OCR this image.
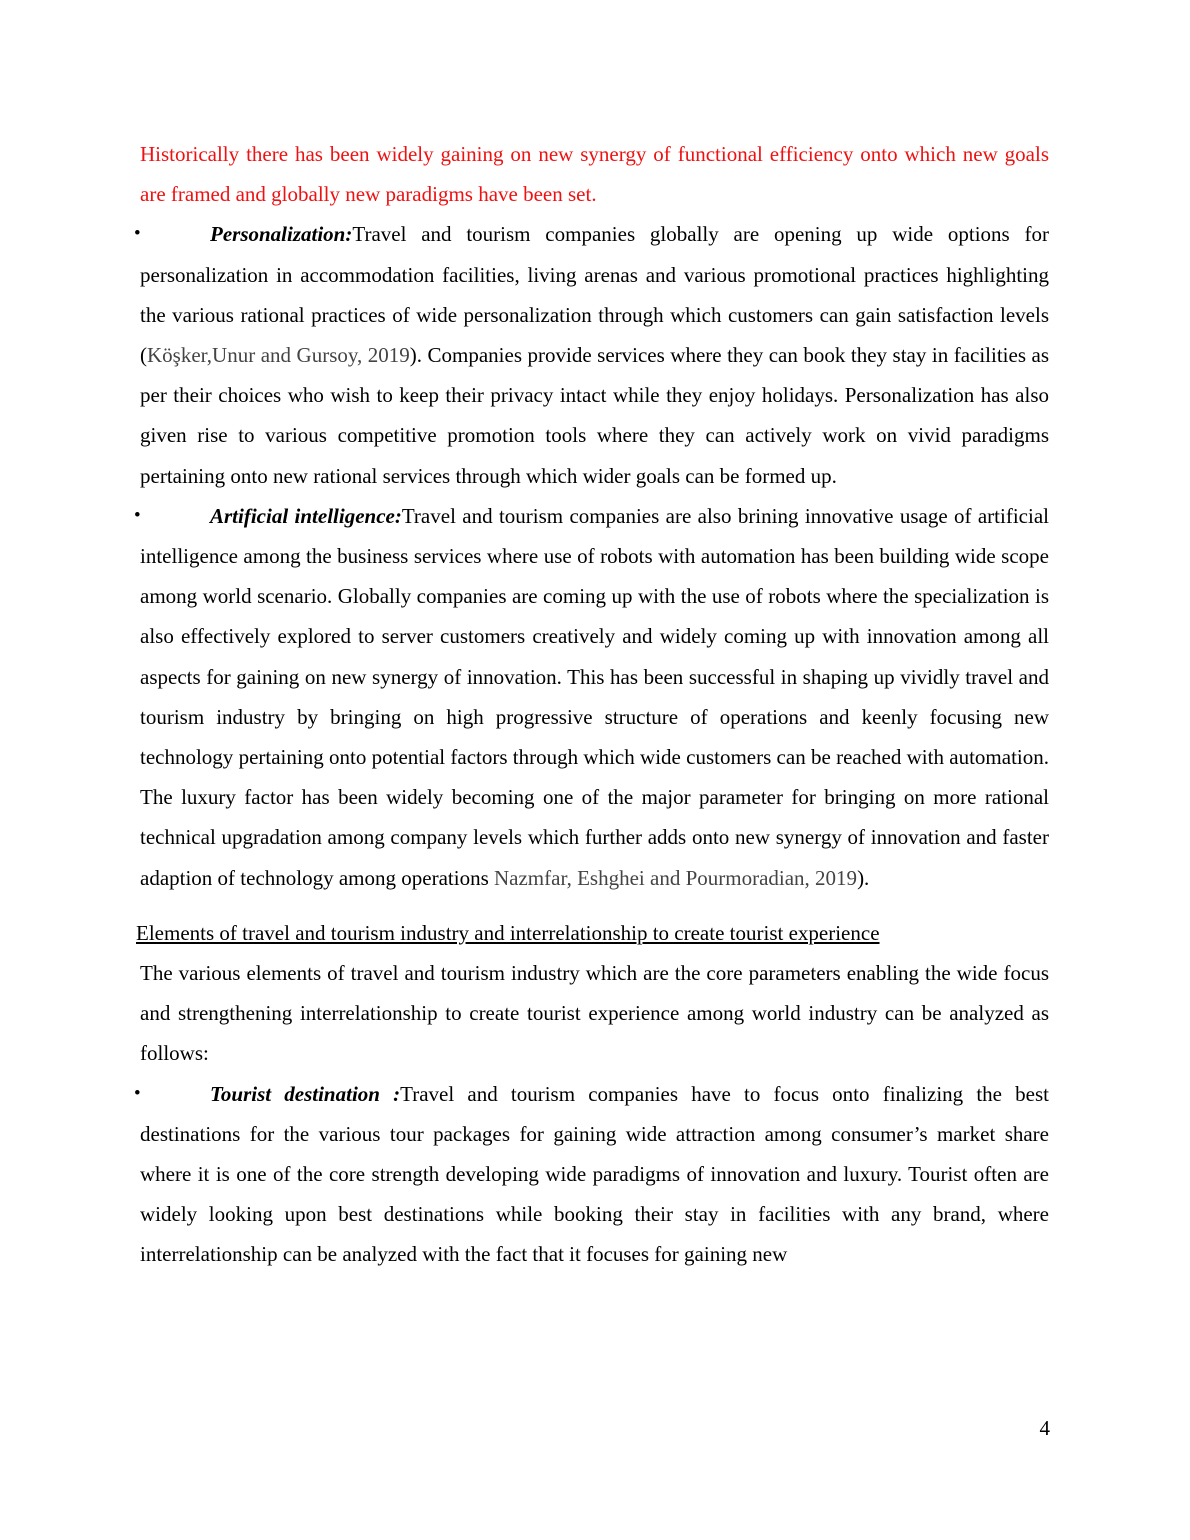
Historically there has been widely gaining on new synergy of functional efficiency onto which new goals are framed and globally new paradigms have been set.

•	Personalization:Travel and tourism companies globally are opening up wide options for personalization in accommodation facilities, living arenas and various promotional practices highlighting the various rational practices of wide personalization through which customers can gain satisfaction levels (Köşker,Unur and Gursoy, 2019). Companies provide services where they can book they stay in facilities as per their choices who wish to keep their privacy intact while they enjoy holidays. Personalization has also given rise to various competitive promotion tools where they can actively work on vivid paradigms pertaining onto new rational services through which wider goals can be formed up.

•	Artificial intelligence:Travel and tourism companies are also brining innovative usage of artificial intelligence among the business services where use of robots with automation has been building wide scope among world scenario. Globally companies are coming up with the use of robots where the specialization is also effectively explored to server customers creatively and widely coming up with innovation among all aspects for gaining on new synergy of innovation. This has been successful in shaping up vividly travel and tourism industry by bringing on high progressive structure of operations and keenly focusing new technology pertaining onto potential factors through which wide customers can be reached with automation. The luxury factor has been widely becoming one of the major parameter for bringing on more rational technical upgradation among company levels which further adds onto new synergy of innovation and faster adaption of technology among operations Nazmfar, Eshghei and Pourmoradian, 2019).

Elements of travel and tourism industry and interrelationship to create tourist experience

The various elements of travel and tourism industry which are the core parameters enabling the wide focus and strengthening interrelationship to create tourist experience among world industry can be analyzed as follows:

•	Tourist destination :Travel and tourism companies have to focus onto finalizing the best destinations for the various tour packages for gaining wide attraction among consumer’s market share where it is one of the core strength developing wide paradigms of innovation and luxury. Tourist often are widely looking upon best destinations while booking their stay in facilities with any brand, where interrelationship can be analyzed with the fact that it focuses for gaining new

4
